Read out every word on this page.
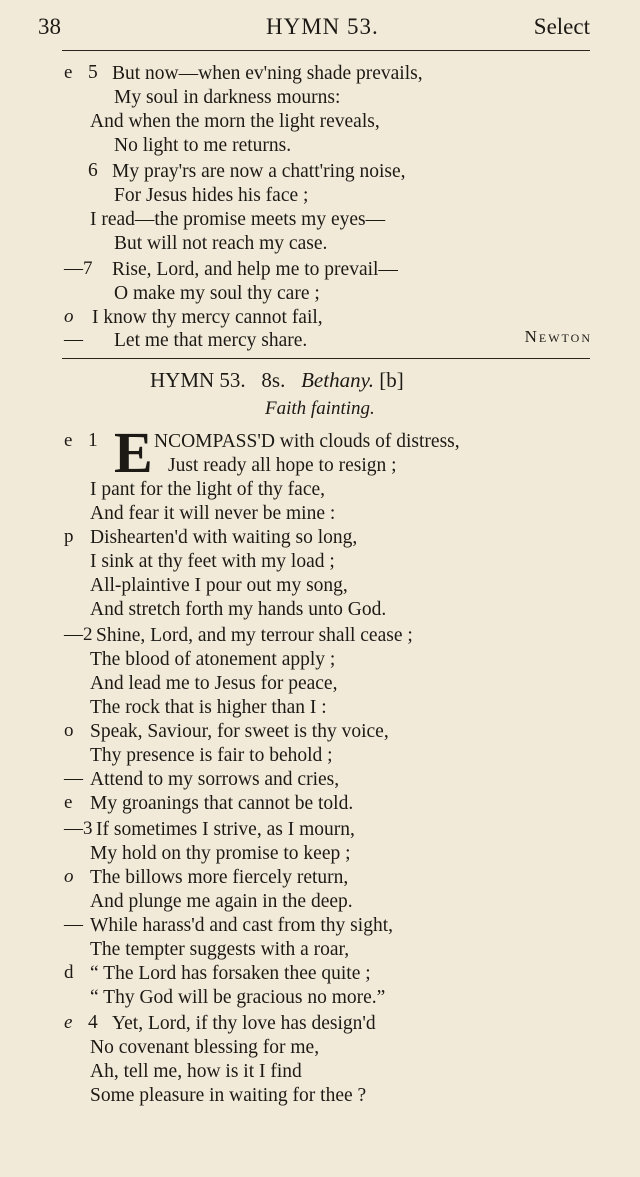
38	HYMN 53.	Select
e 5 But now—when ev'ning shade prevails,
My soul in darkness mourns:
And when the morn the light reveals,
No light to me returns.
6 My pray'rs are now a chatt'ring noise,
For Jesus hides his face ;
I read—the promise meets my eyes—
But will not reach my case.
—7 Rise, Lord, and help me to prevail—
O make my soul thy care ;
o I know thy mercy cannot fail,
— Let me that mercy share.	Newton
HYMN 53. 8s. Bethany. [b]
Faith fainting.
E
e 1	NCOMPASS'D with clouds of distress,
Just ready all hope to resign ;
I pant for the light of thy face,
And fear it will never be mine :
p Dishearten'd with waiting so long,
I sink at thy feet with my load ;
All-plaintive I pour out my song,
And stretch forth my hands unto God.
—2 Shine, Lord, and my terrour shall cease ;
The blood of atonement apply ;
And lead me to Jesus for peace,
The rock that is higher than I :
o Speak, Saviour, for sweet is thy voice,
Thy presence is fair to behold ;
— Attend to my sorrows and cries,
e My groanings that cannot be told.
—3 If sometimes I strive, as I mourn,
My hold on thy promise to keep ;
o The billows more fiercely return,
And plunge me again in the deep.
— While harass'd and cast from thy sight,
The tempter suggests with a roar,
d “ The Lord has forsaken thee quite ;
“ Thy God will be gracious no more.”
e 4 Yet, Lord, if thy love has design'd
No covenant blessing for me,
Ah, tell me, how is it I find
Some pleasure in waiting for thee ?
